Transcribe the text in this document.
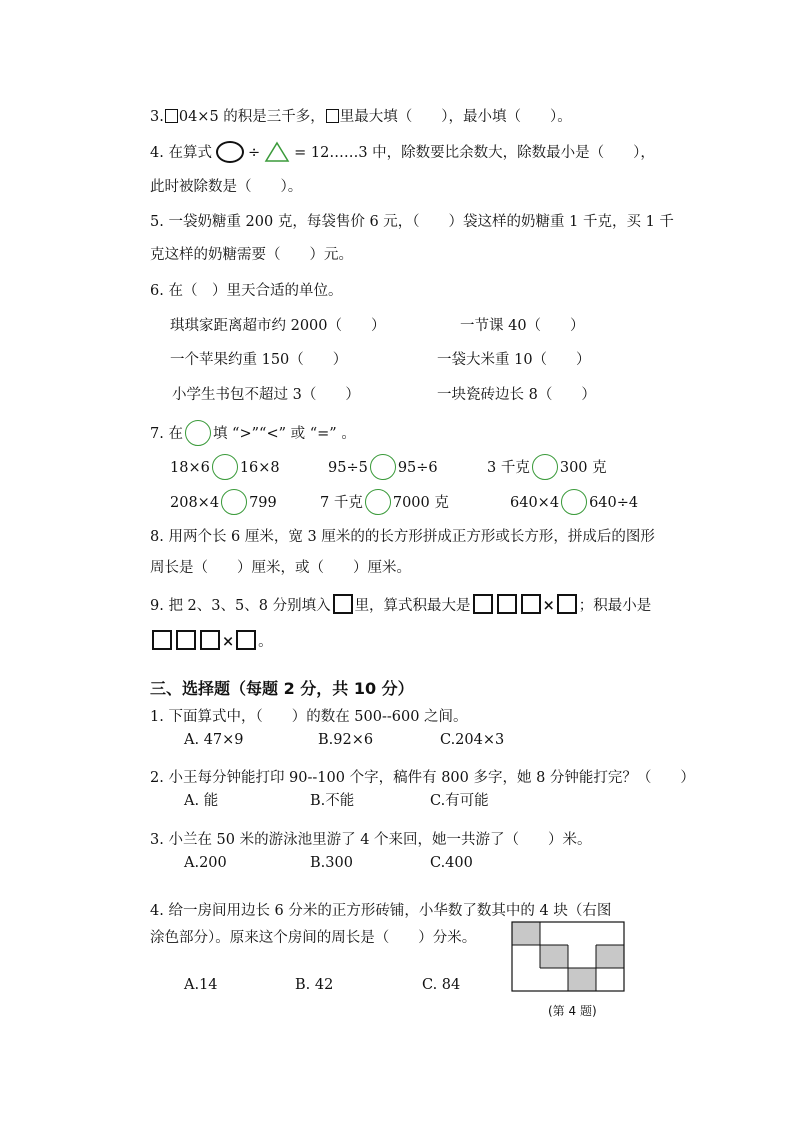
3. 04×5 的积是三千多， 里最大填（　　），最小填（　　）。
4. 在算式 ÷ = 12……3 中，除数要比余数大，除数最小是（　　），
此时被除数是（　　）。
5. 一袋奶糖重 200 克，每袋售价 6 元，（　　）袋这样的奶糖重 1 千克，买 1 千
克这样的奶糖需要（　　）元。
6. 在（　）里天合适的单位。
琪琪家距离超市约 2000（　　）	一节课 40（　　）
一个苹果约重 150（　　）	一袋大米重 10（　　）
小学生书包不超过 3（　　）	一块瓷砖边长 8（　　）
7. 在 填 “>”“<” 或 “=” 。
18×6 16×8	95÷5 95÷6	3 千克 300 克
208×4 799	7 千克 7000 克	640×4 640÷4
8. 用两个长 6 厘米，宽 3 厘米的的长方形拼成正方形或长方形，拼成后的图形
周长是（　　）厘米，或（　　）厘米。
9. 把 2、3、5、8 分别填入 里，算式积最大是	× ；积最小是
× 。
三、选择题（每题 2 分，共 10 分）
1. 下面算式中，（　　）的数在 500--600 之间。
A. 47×9	B.92×6	C.204×3
2. 小王每分钟能打印 90--100 个字，稿件有 800 多字，她 8 分钟能打完？（　　）
A. 能	B.不能	C.有可能
3. 小兰在 50 米的游泳池里游了 4 个来回，她一共游了（　　）米。
A.200	B.300	C.400
4. 给一房间用边长 6 分米的正方形砖铺，小华数了数其中的 4 块（右图
涂色部分）。原来这个房间的周长是（　　）分米。
A.14	B. 42	C. 84
(第 4 题)
